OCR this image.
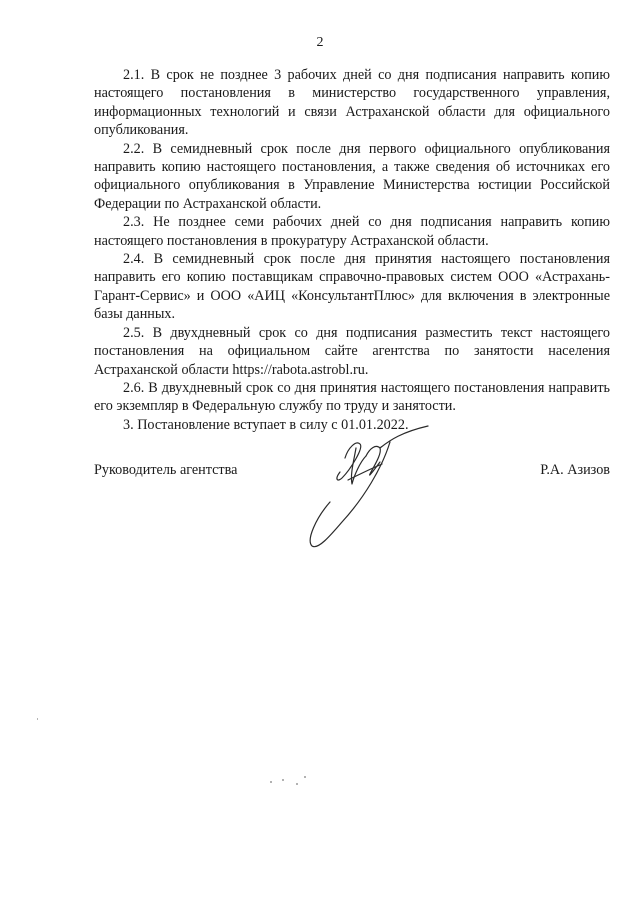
2

2.1. В срок не позднее 3 рабочих дней со дня подписания направить копию настоящего постановления в министерство государственного управления, информационных технологий и связи Астраханской области для официального опубликования.

2.2. В семидневный срок после дня первого официального опубликования направить копию настоящего постановления, а также сведения об источниках его официального опубликования в Управление Министерства юстиции Российской Федерации по Астраханской области.

2.3. Не позднее семи рабочих дней со дня подписания направить копию настоящего постановления в прокуратуру Астраханской области.

2.4. В семидневный срок после дня принятия настоящего постановления направить его копию поставщикам справочно-правовых систем ООО «Астрахань-Гарант-Сервис» и ООО «АИЦ «КонсультантПлюс» для включения в электронные базы данных.

2.5. В двухдневный срок со дня подписания разместить текст настоящего постановления на официальном сайте агентства по занятости населения Астраханской области https://rabota.astrobl.ru.

2.6. В двухдневный срок со дня принятия настоящего постановления направить его экземпляр в Федеральную службу по труду и занятости.

3. Постановление вступает в силу с 01.01.2022.

Руководитель агентства	Р.А. Азизов
